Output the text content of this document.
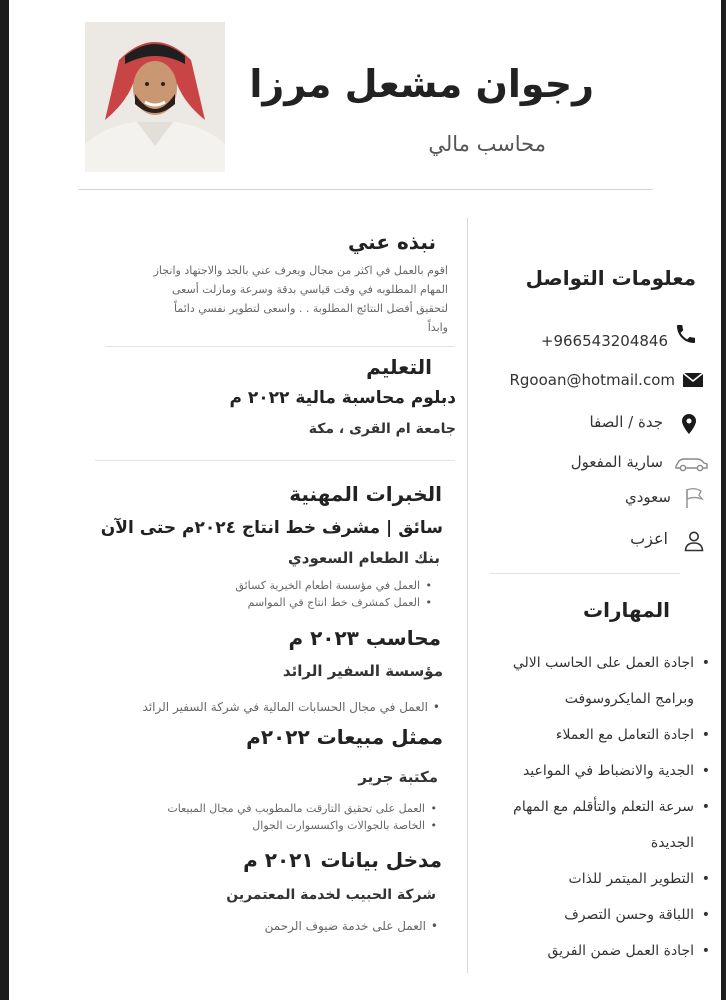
رجوان مشعل مرزا
محاسب مالي
معلومات التواصل
+966543204846
Rgooan@hotmail.com
جدة / الصفا
سارية المفعول
سعودي
اعزب
المهارات
• اجادة العمل على الحاسب الالي
وبرامج المايكروسوفت
• اجادة التعامل مع العملاء
• الجدية والانضباط في المواعيد
• سرعة التعلم والتأقلم مع المهام
الجديدة
• التطوير الميتمر للذات
• اللباقة وحسن التصرف
• اجادة العمل ضمن الفريق
نبذه عني
اقوم بالعمل في اكثر من مجال ويعرف عني بالجد والاجتهاد وانجاز
المهام المطلوبه في وقت قياسي بدقة وسرعة ومازلت أسعى
لتحقيق أفضل النتائج المطلوبة . . واسعى لتطوير نفسي دائماً
وابداً
التعليم
دبلوم محاسبة مالية ٢٠٢٢ م
جامعة ام القرى ، مكة
الخبرات المهنية
سائق | مشرف خط انتاج ٢٠٢٤م حتى الآن
بنك الطعام السعودي
• العمل في مؤسسة اطعام الخيرية كسائق
• العمل كمشرف خط انتاج في المواسم
محاسب ٢٠٢٣ م
مؤسسة السفير الرائد
• العمل في مجال الحسابات المالية في شركة السفير الرائد
ممثل مبيعات ٢٠٢٢م
مكتبة جرير
• العمل على تحقيق التارقت مالمطوبب في مجال المبيعات
• الخاصة بالجوالات واكسسوارت الجوال
مدخل بيانات ٢٠٢١ م
شركة الحبيب لخدمة المعتمرين
• العمل على خدمة ضيوف الرحمن
